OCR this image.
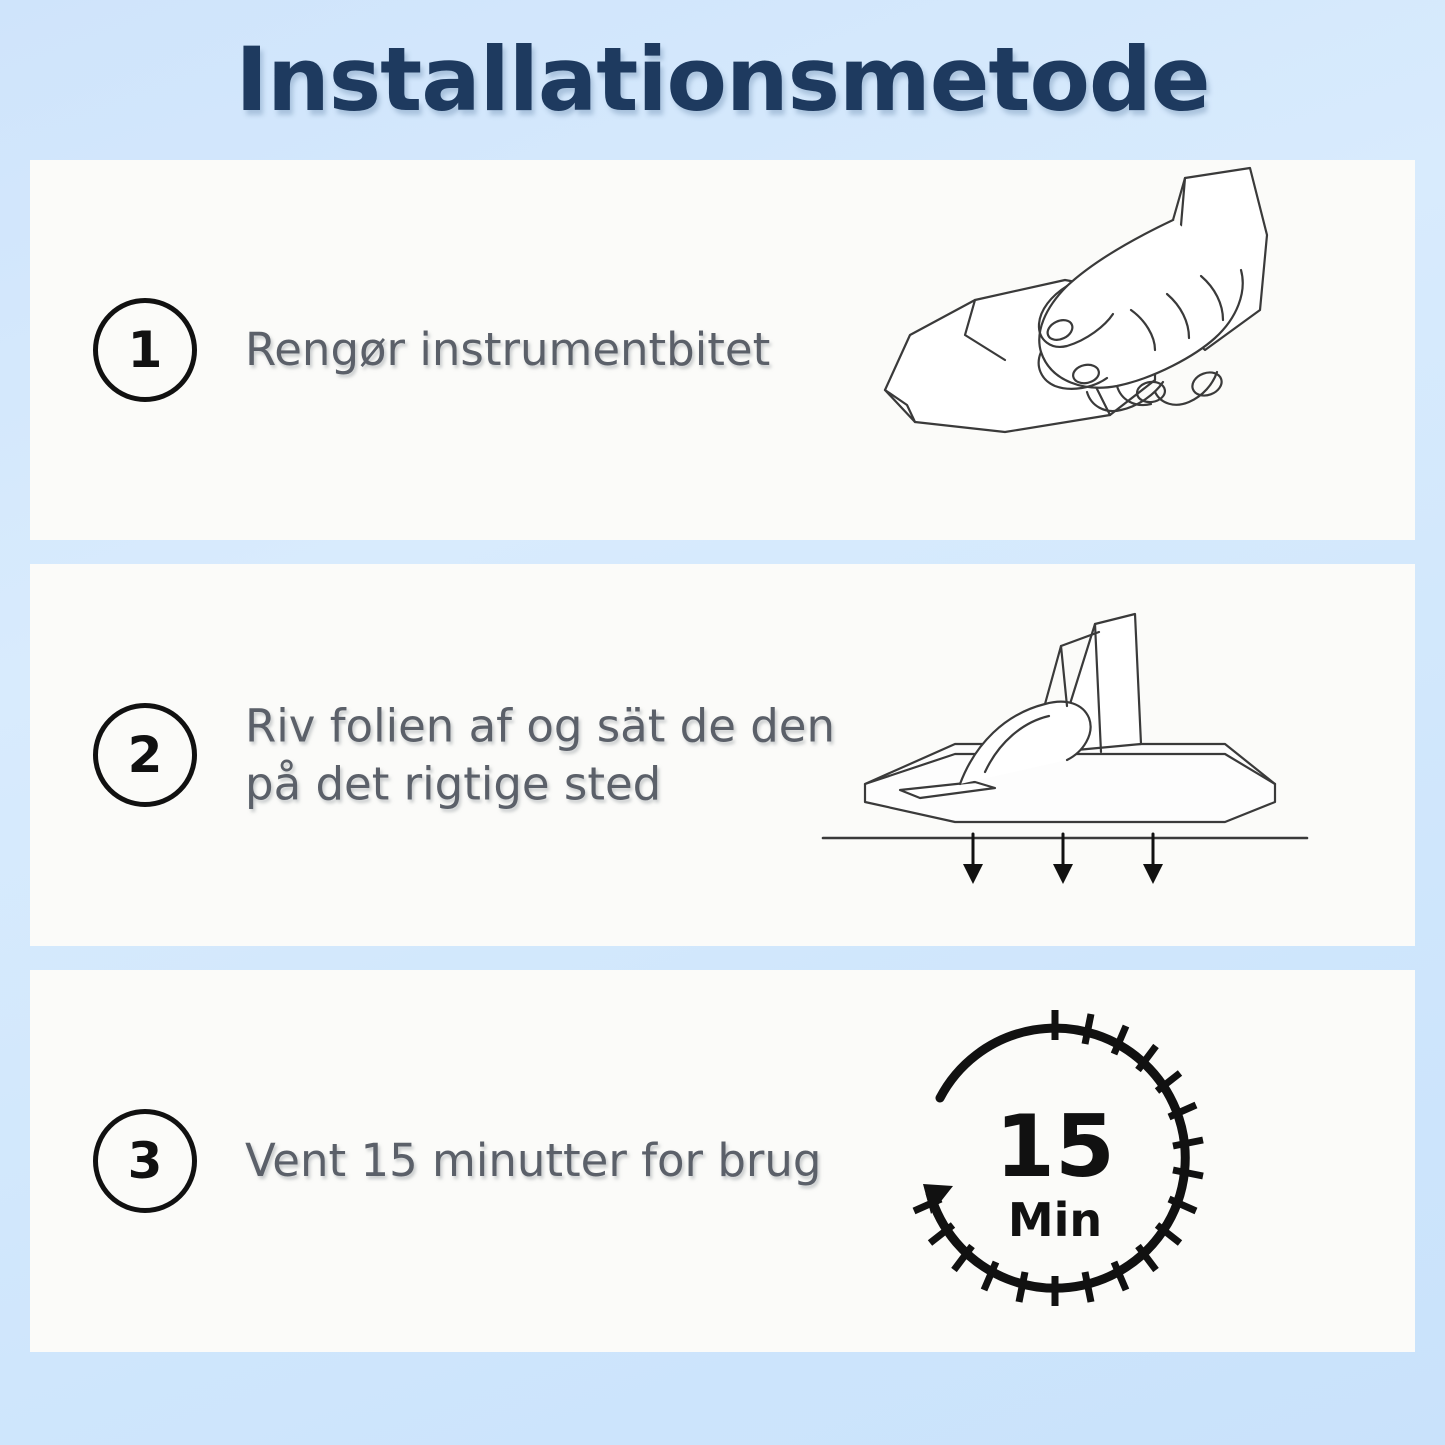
Installationsmetode
1	Rengør instrumentbitet
2
Riv folien af og sät de den på det rigtige sted
3	Vent 15 minutter for brug	15
Min
